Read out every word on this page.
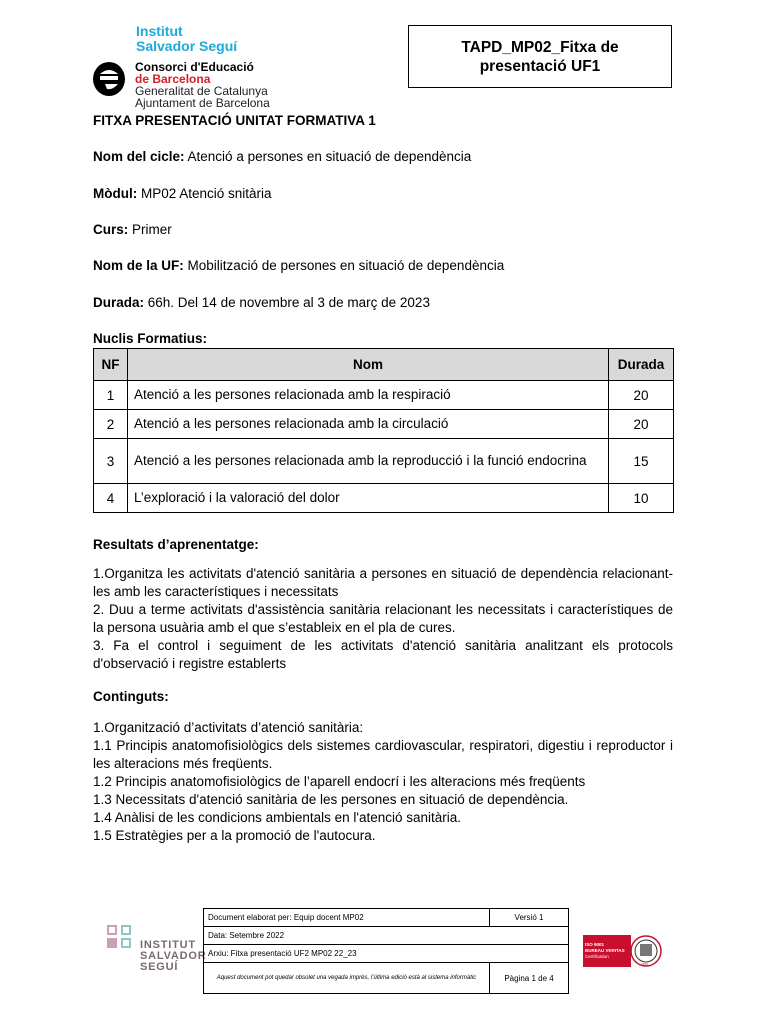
Institut
Salvador Seguí
Consorci d'Educació
de Barcelona
Generalitat de Catalunya
Ajuntament de Barcelona
TAPD_MP02_Fitxa de presentació UF1
FITXA PRESENTACIÓ UNITAT FORMATIVA 1
Nom del cicle: Atenció a persones en situació de dependència
Mòdul: MP02 Atenció snitària
Curs: Primer
Nom de la UF: Mobilització de persones en situació de dependència
Durada: 66h. Del 14 de novembre al 3 de març de 2023
Nuclis Formatius:
NF	Nom	Durada
1	Atenció a les persones relacionada amb la respiració	20
2	Atenció a les persones relacionada amb la circulació	20
3	Atenció a les persones relacionada amb la reproducció i la funció endocrina	15
4	L’exploració i la valoració del dolor	10
Resultats d’aprenentatge:

1.Organitza les activitats d'atenció sanitària a persones en situació de dependència relacionant-les amb les característiques i necessitats

2. Duu a terme activitats d'assistència sanitària relacionant les necessitats i característiques de la persona usuària amb el que s’estableix en el pla de cures.

3. Fa el control i seguiment de les activitats d'atenció sanitària analitzant els protocols d'observació i registre establerts

Continguts:

1.Organització d’activitats d’atenció sanitària:

1.1 Principis anatomofisiològics dels sistemes cardiovascular, respiratori, digestiu i reproductor i les alteracions més freqüents.

1.2 Principis anatomofisiològics de l’aparell endocrí i les alteracions més freqüents

1.3 Necessitats d'atenció sanitària de les persones en situació de dependència.

1.4 Anàlisi de les condicions ambientals en l'atenció sanitària.

1.5 Estratègies per a la promoció de l'autocura.

INSTITUT
SALVADOR
SEGUÍ
Document elaborat per: Equip docent MP02	Versió 1
Data: Setembre 2022	
Arxiu: Fitxa presentació UF2 MP02 22_23	
Aquest document pot quedar obsolet una vegada imprès, l’última edició està al sistema informàtic	Pàgina 1 de 4
ISO 9001
BUREAU VERITAS
Certification
1828
